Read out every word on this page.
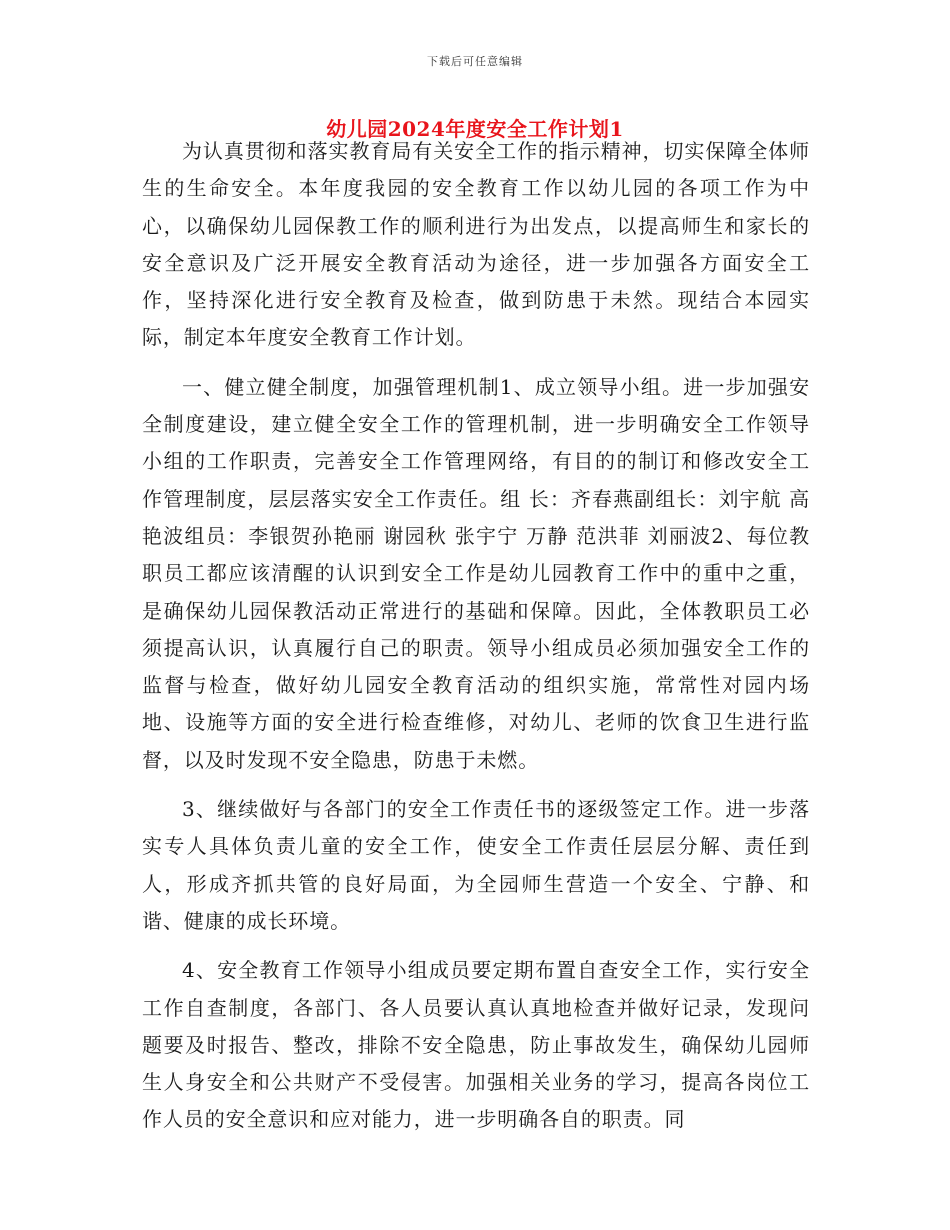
下载后可任意编辑
幼儿园2024年度安全工作计划1

为认真贯彻和落实教育局有关安全工作的指示精神，切实保障全体师生的生命安全。本年度我园的安全教育工作以幼儿园的各项工作为中心，以确保幼儿园保教工作的顺利进行为出发点，以提高师生和家长的安全意识及广泛开展安全教育活动为途径，进一步加强各方面安全工作，坚持深化进行安全教育及检查，做到防患于未然。现结合本园实际，制定本年度安全教育工作计划。

一、健立健全制度，加强管理机制1、成立领导小组。进一步加强安全制度建设，建立健全安全工作的管理机制，进一步明确安全工作领导小组的工作职责，完善安全工作管理网络，有目的的制订和修改安全工作管理制度，层层落实安全工作责任。组 长：齐春燕副组长：刘宇航 高艳波组员：李银贺孙艳丽 谢园秋 张宇宁 万静 范洪菲 刘丽波2、每位教职员工都应该清醒的认识到安全工作是幼儿园教育工作中的重中之重，是确保幼儿园保教活动正常进行的基础和保障。因此，全体教职员工必须提高认识，认真履行自己的职责。领导小组成员必须加强安全工作的监督与检查，做好幼儿园安全教育活动的组织实施，常常性对园内场地、设施等方面的安全进行检查维修，对幼儿、老师的饮食卫生进行监督，以及时发现不安全隐患，防患于未燃。

3、继续做好与各部门的安全工作责任书的逐级签定工作。进一步落实专人具体负责儿童的安全工作，使安全工作责任层层分解、责任到人，形成齐抓共管的良好局面，为全园师生营造一个安全、宁静、和谐、健康的成长环境。

4、安全教育工作领导小组成员要定期布置自查安全工作，实行安全工作自查制度，各部门、各人员要认真认真地检查并做好记录，发现问题要及时报告、整改，排除不安全隐患，防止事故发生，确保幼儿园师生人身安全和公共财产不受侵害。加强相关业务的学习，提高各岗位工作人员的安全意识和应对能力，进一步明确各自的职责。同
